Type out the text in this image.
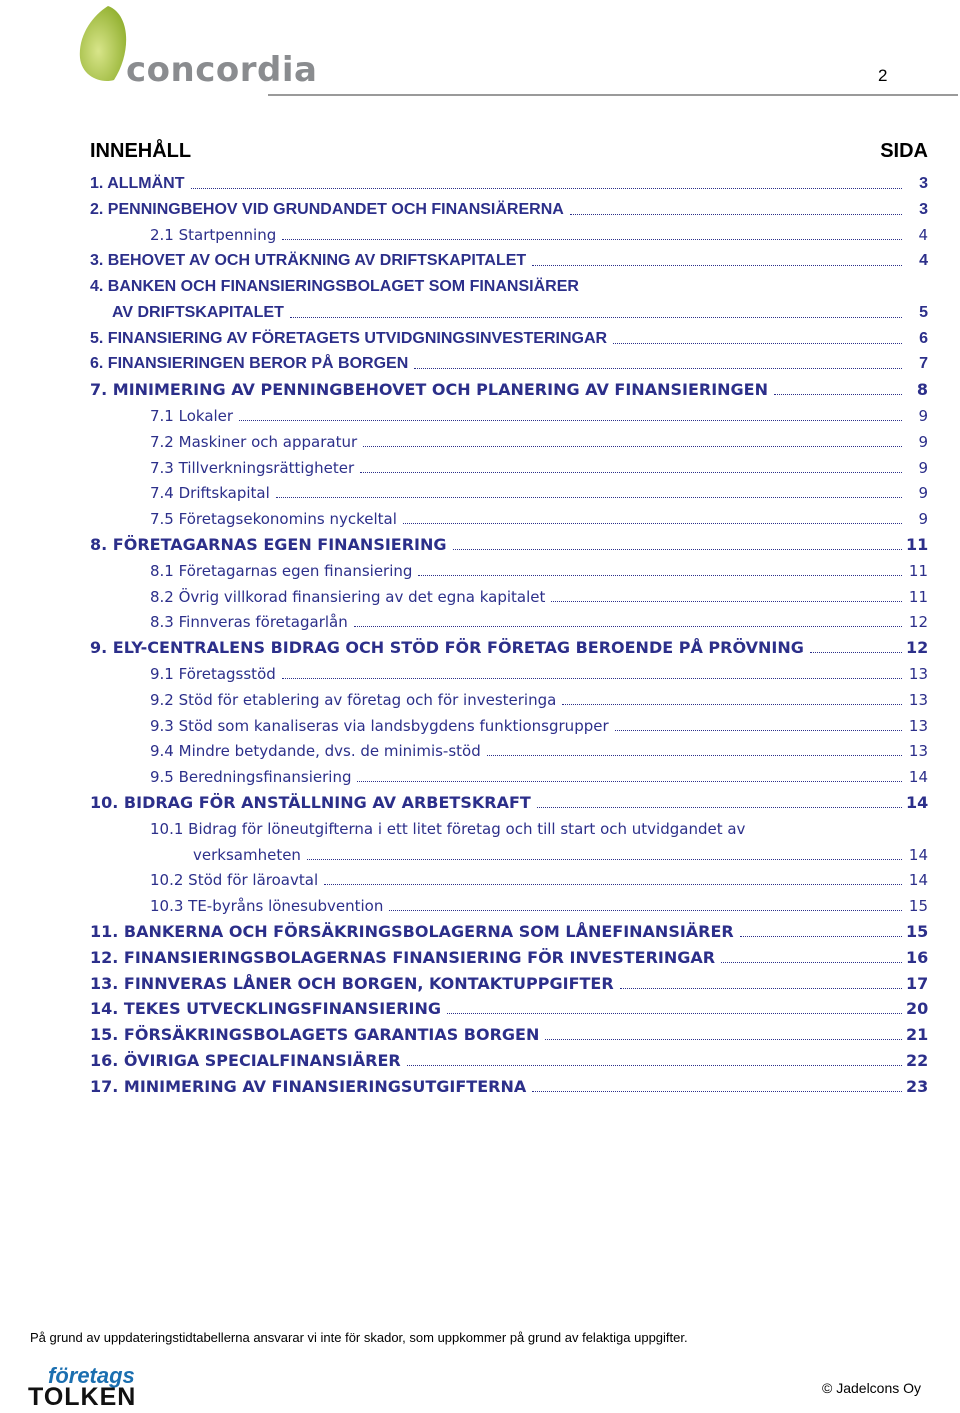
concordia	2
INNEHÅLL	SIDA
1. ALLMÄNT	3
2. PENNINGBEHOV VID GRUNDANDET OCH FINANSIÄRERNA	3
2.1 Startpenning	4
3. BEHOVET AV OCH UTRÄKNING AV DRIFTSKAPITALET	4
4. BANKEN OCH FINANSIERINGSBOLAGET SOM FINANSIÄRER
AV DRIFTSKAPITALET	5
5. FINANSIERING AV FÖRETAGETS UTVIDGNINGSINVESTERINGAR	6
6. FINANSIERINGEN BEROR PÅ BORGEN	7
7. MINIMERING AV PENNINGBEHOVET OCH PLANERING AV FINANSIERINGEN	8
7.1 Lokaler	9
7.2 Maskiner och apparatur	9
7.3 Tillverkningsrättigheter	9
7.4 Driftskapital	9
7.5 Företagsekonomins nyckeltal	9
8. FÖRETAGARNAS EGEN FINANSIERING	11
8.1 Företagarnas egen finansiering	11
8.2 Övrig villkorad finansiering av det egna kapitalet	11
8.3 Finnveras företagarlån	12
9. ELY-CENTRALENS BIDRAG OCH STÖD FÖR FÖRETAG BEROENDE PÅ PRÖVNING	12
9.1 Företagsstöd	13
9.2 Stöd för etablering av företag och för investeringa	13
9.3 Stöd som kanaliseras via landsbygdens funktionsgrupper	13
9.4 Mindre betydande, dvs. de minimis-stöd	13
9.5 Beredningsfinansiering	14
10. BIDRAG FÖR ANSTÄLLNING AV ARBETSKRAFT	14
10.1 Bidrag för löneutgifterna i ett litet företag och till start och utvidgandet av
verksamheten	14
10.2 Stöd för läroavtal	14
10.3 TE-byråns lönesubvention	15
11. BANKERNA OCH FÖRSÄKRINGSBOLAGERNA SOM LÅNEFINANSIÄRER	15
12. FINANSIERINGSBOLAGERNAS FINANSIERING FÖR INVESTERINGAR	16
13. FINNVERAS LÅNER OCH BORGEN, KONTAKTUPPGIFTER	17
14. TEKES UTVECKLINGSFINANSIERING	20
15. FÖRSÄKRINGSBOLAGETS GARANTIAS BORGEN	21
16. ÖVIRIGA SPECIALFINANSIÄRER	22
17. MINIMERING AV FINANSIERINGSUTGIFTERNA	23
På grund av uppdateringstidtabellerna ansvarar vi inte för skador, som uppkommer på grund av felaktiga uppgifter.
företags
TOLKEN	© Jadelcons Oy
